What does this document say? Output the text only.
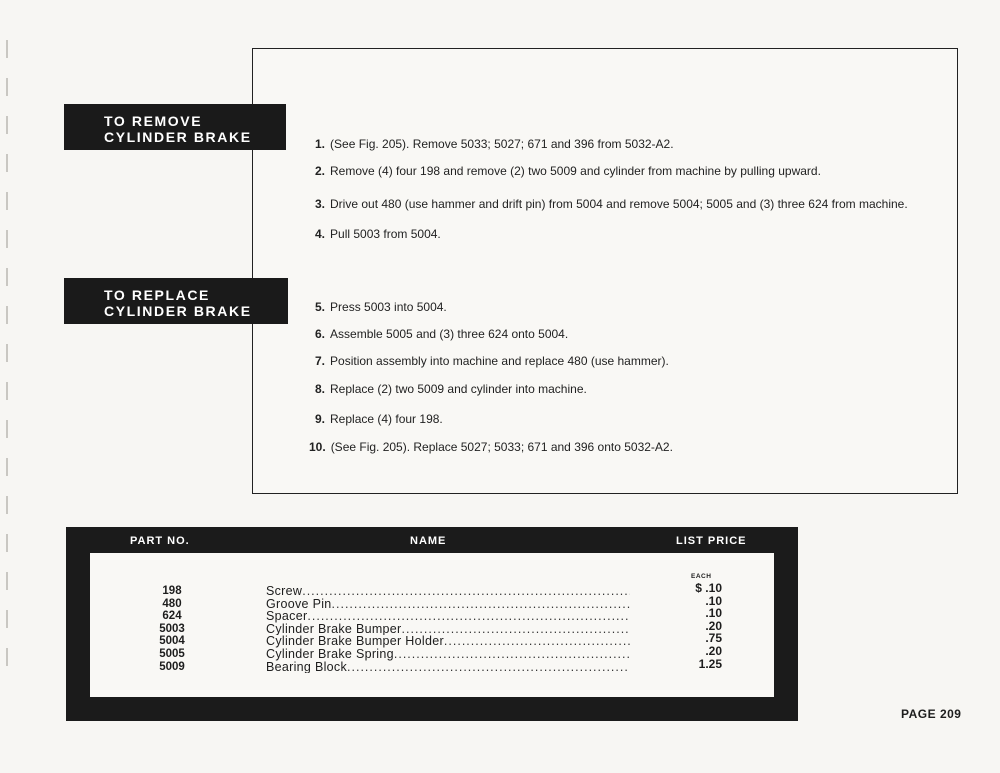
TO REMOVE
CYLINDER BRAKE
TO REPLACE
CYLINDER BRAKE
1. (See Fig. 205). Remove 5033; 5027; 671 and 396 from 5032-A2.
2. Remove (4) four 198 and remove (2) two 5009 and cylinder from machine by pulling upward.
3. Drive out 480 (use hammer and drift pin) from 5004 and remove 5004; 5005 and (3) three 624 from machine.
4. Pull 5003 from 5004.
5. Press 5003 into 5004.
6. Assemble 5005 and (3) three 624 onto 5004.
7. Position assembly into machine and replace 480 (use hammer).
8. Replace (2) two 5009 and cylinder into machine.
9. Replace (4) four 198.
10. (See Fig. 205). Replace 5027; 5033; 671 and 396 onto 5032-A2.
PART NO.	NAME	LIST PRICE
EACH
198
480
624
5003
5004
5005
5009
Screw
.....
Groove Pin
.....
Spacer
.....
Cylinder Brake Bumper
.....
Cylinder Brake Bumper Holder
.....
Cylinder Brake Spring
.....
Bearing Block
.....
$ .10
.10
.10
.20
.75
.20
1.25
PAGE 209
